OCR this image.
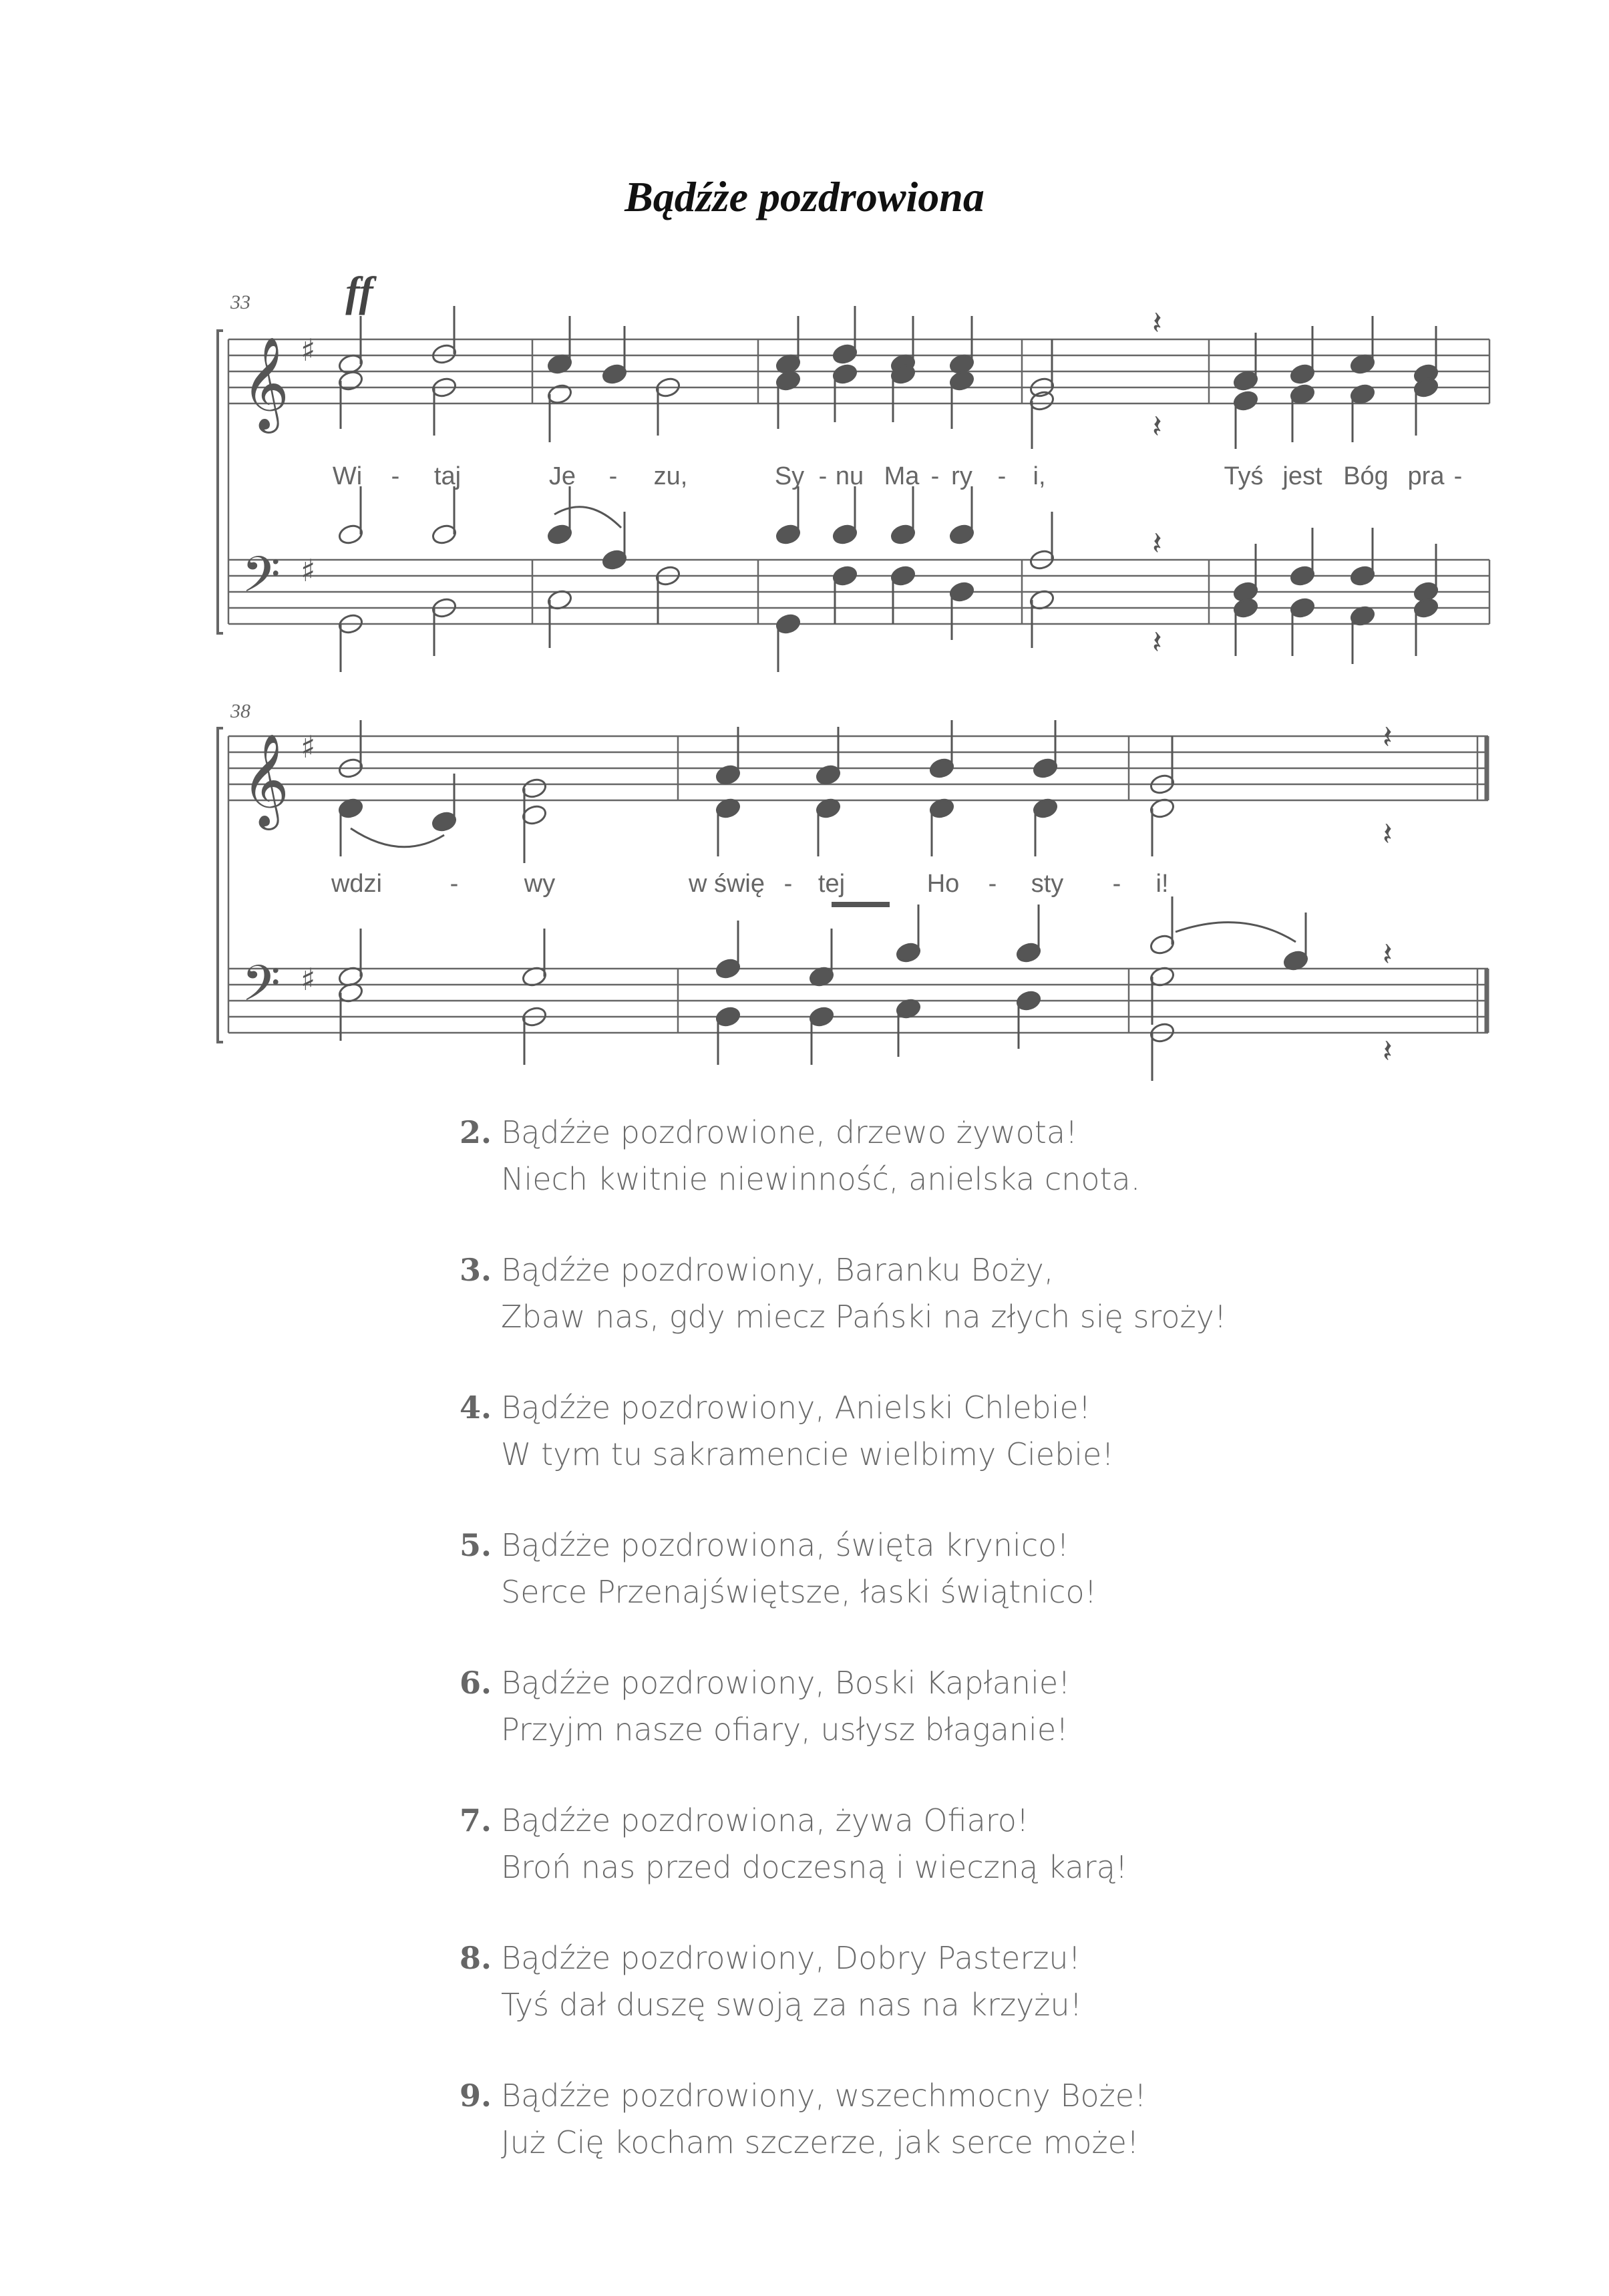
Bądźże pozdrowiona
𝄞 ♯
𝄢 ♯
𝄞 ♯
𝄢 ♯
𝄽
𝄽
𝄽
𝄽
𝄽
𝄽
𝄽
𝄽
33 ff
38
Wi - taj	Je - zu,	Sy - nu Ma - ry - i,	Tyś jest Bóg pra -
wdzi	-	wy	w świę - tej	Ho - sty - i!
2. Bądźże pozdrowione, drzewo żywota!
Niech kwitnie niewinność, anielska cnota.
3. Bądźże pozdrowiony, Baranku Boży,
Zbaw nas, gdy miecz Pański na złych się sroży!
4. Bądźże pozdrowiony, Anielski Chlebie!
W tym tu sakramencie wielbimy Ciebie!
5. Bądźże pozdrowiona, święta krynico!
Serce Przenajświętsze, łaski świątnico!
6. Bądźże pozdrowiony, Boski Kapłanie!
Przyjm nasze ofiary, usłysz błaganie!
7. Bądźże pozdrowiona, żywa Ofiaro!
Broń nas przed doczesną i wieczną karą!
8. Bądźże pozdrowiony, Dobry Pasterzu!
Tyś dał duszę swoją za nas na krzyżu!
9. Bądźże pozdrowiony, wszechmocny Boże!
Już Cię kocham szczerze, jak serce może!
